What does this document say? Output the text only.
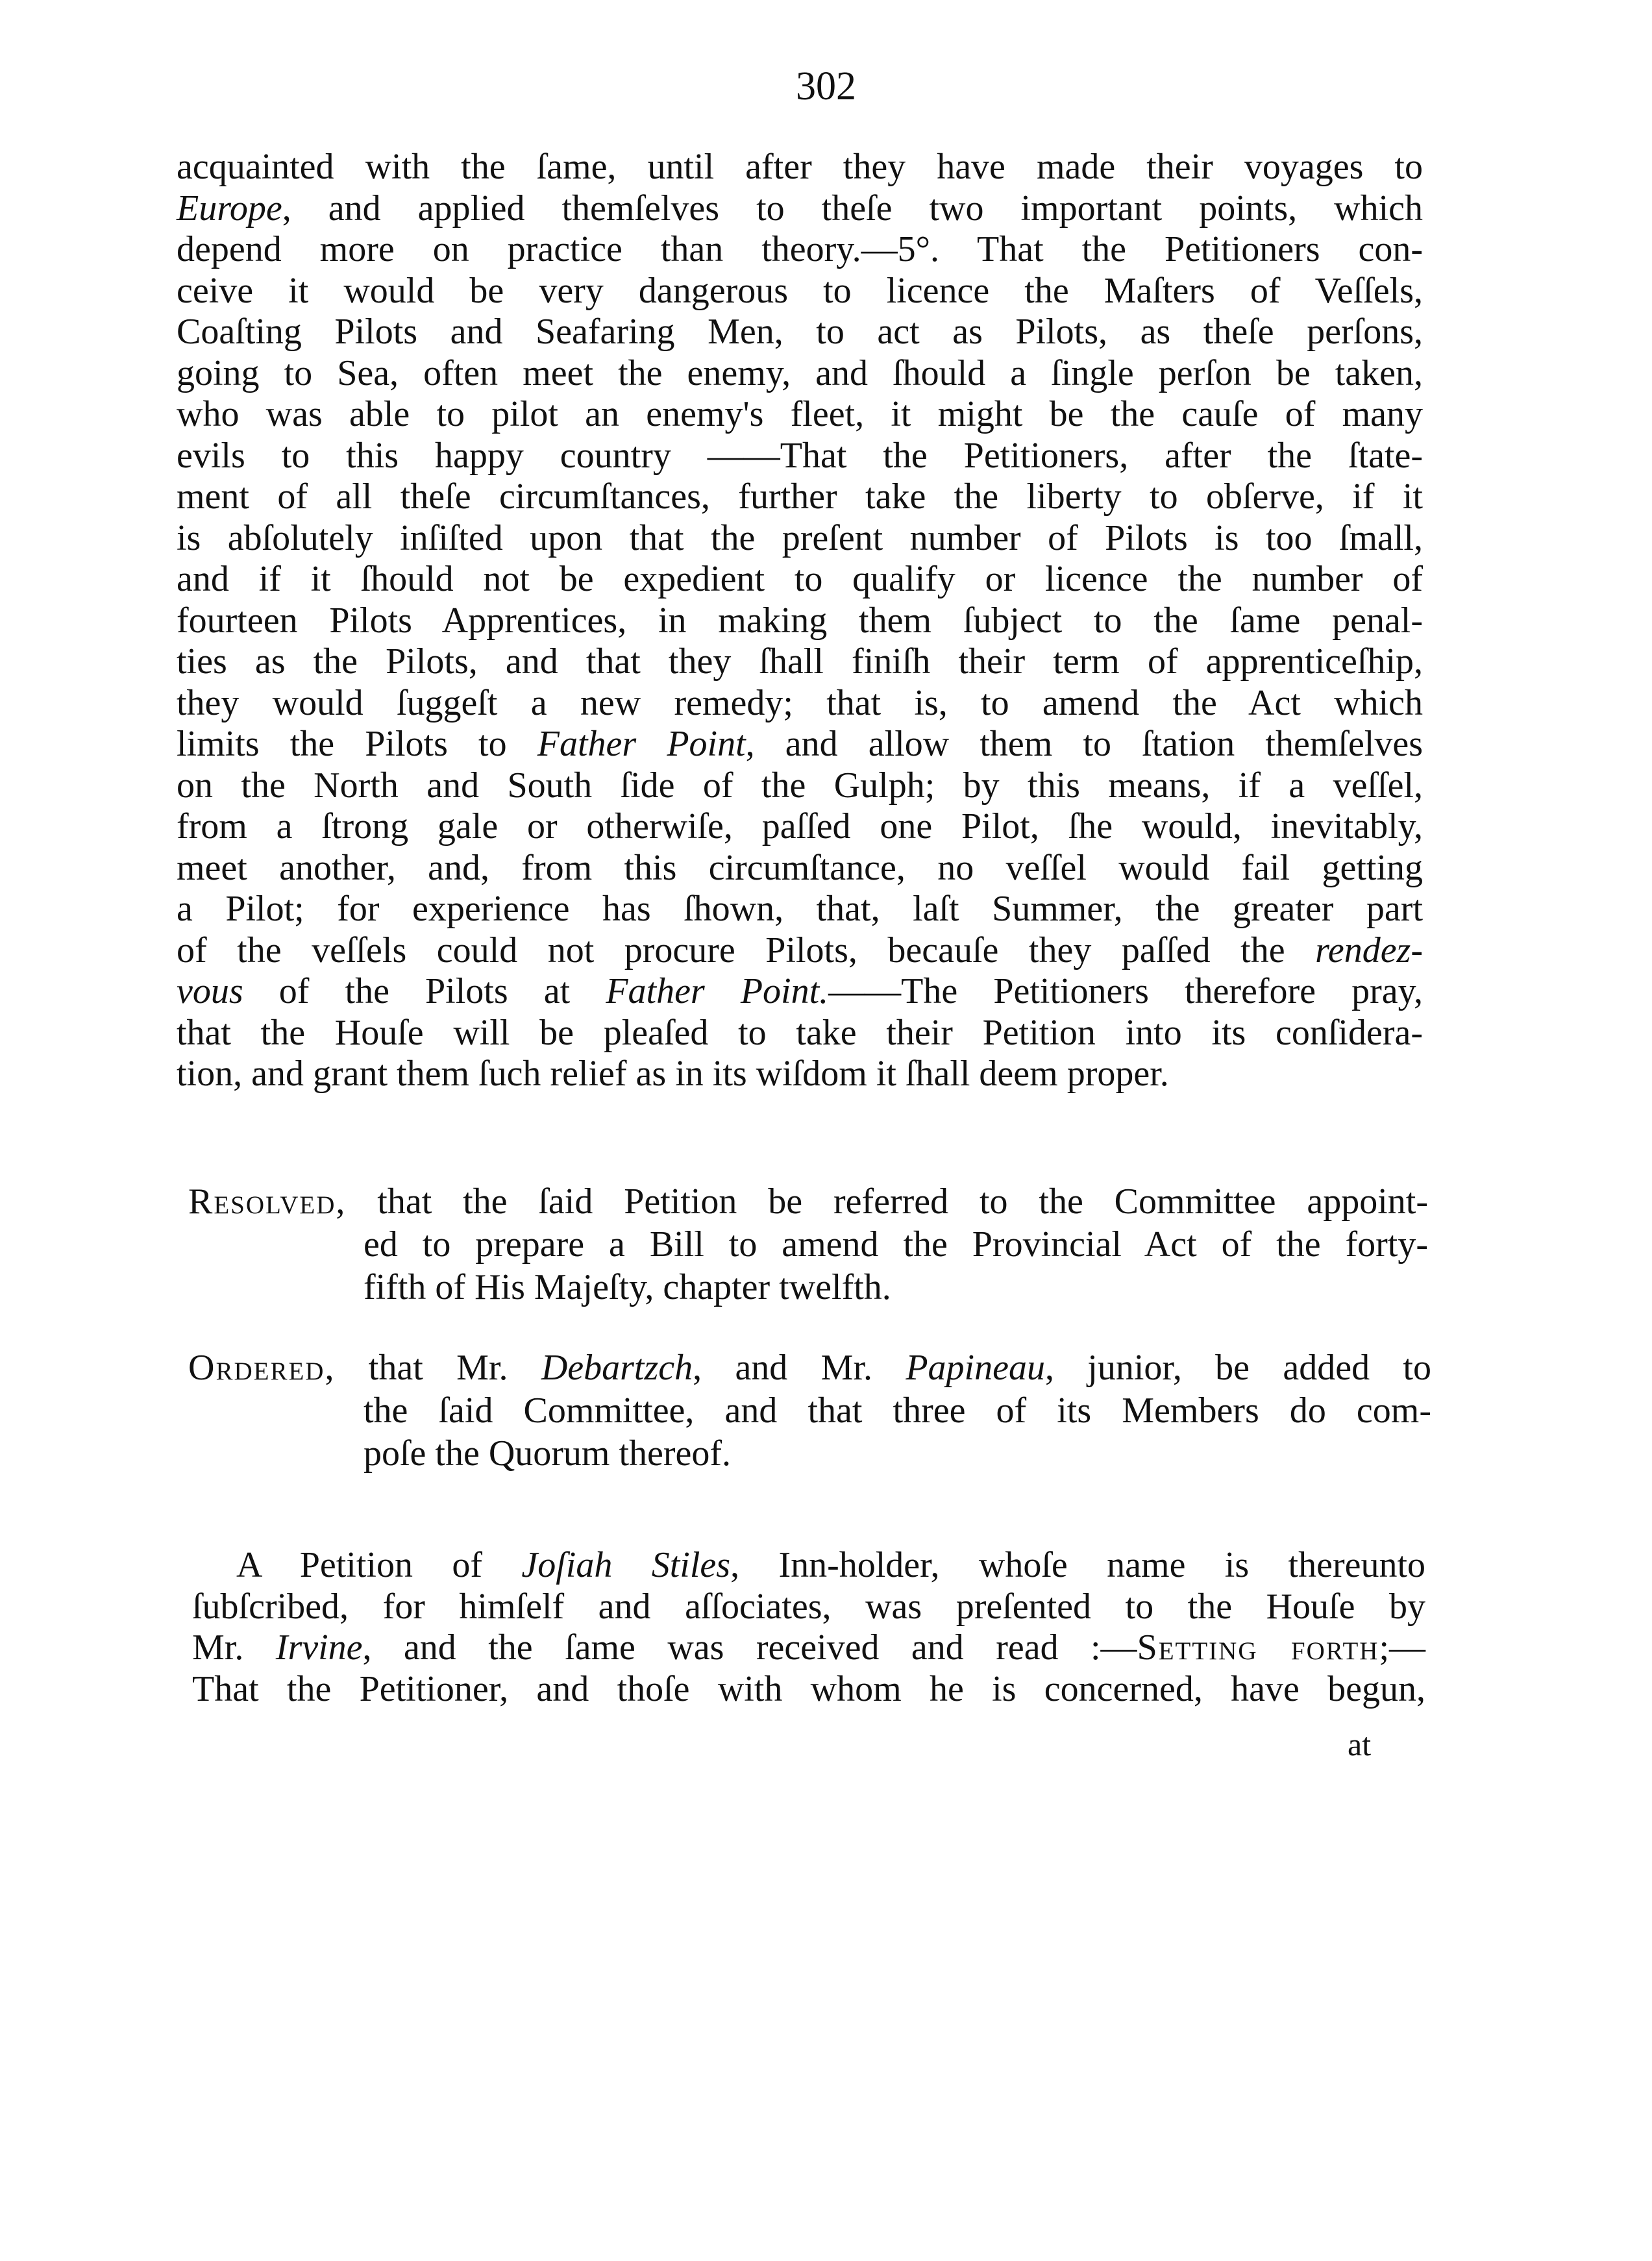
302
acquainted with the ſame, until after they have made their voyages to
Europe, and applied themſelves to theſe two important points, which
depend more on practice than theory.—5°. That the Petitioners con-
ceive it would be very dangerous to licence the Maſters of Veſſels,
Coaſting Pilots and Seafaring Men, to act as Pilots, as theſe perſons,
going to Sea, often meet the enemy, and ſhould a ſingle perſon be taken,
who was able to pilot an enemy's fleet, it might be the cauſe of many
evils to this happy country ——That the Petitioners, after the ſtate-
ment of all theſe circumſtances, further take the liberty to obſerve, if it
is abſolutely inſiſted upon that the preſent number of Pilots is too ſmall,
and if it ſhould not be expedient to qualify or licence the number of
fourteen Pilots Apprentices, in making them ſubject to the ſame penal-
ties as the Pilots, and that they ſhall finiſh their term of apprenticeſhip,
they would ſuggeſt a new remedy; that is, to amend the Act which
limits the Pilots to Father Point, and allow them to ſtation themſelves
on the North and South ſide of the Gulph; by this means, if a veſſel,
from a ſtrong gale or otherwiſe, paſſed one Pilot, ſhe would, inevitably,
meet another, and, from this circumſtance, no veſſel would fail getting
a Pilot; for experience has ſhown, that, laſt Summer, the greater part
of the veſſels could not procure Pilots, becauſe they paſſed the rendez-
vous of the Pilots at Father Point.——The Petitioners therefore pray,
that the Houſe will be pleaſed to take their Petition into its conſidera-
tion, and grant them ſuch relief as in its wiſdom it ſhall deem proper.
Resolved, that the ſaid Petition be referred to the Committee appoint-
ed to prepare a Bill to amend the Provincial Act of the forty-
fifth of His Majeſty, chapter twelfth.
Ordered, that Mr. Debartzch, and Mr. Papineau, junior, be added to
the ſaid Committee, and that three of its Members do com-
poſe the Quorum thereof.
A Petition of Joſiah Stiles, Inn-holder, whoſe name is thereunto
ſubſcribed, for himſelf and aſſociates, was preſented to the Houſe by
Mr. Irvine, and the ſame was received and read :—Setting forth;—
That the Petitioner, and thoſe with whom he is concerned, have begun,
at
